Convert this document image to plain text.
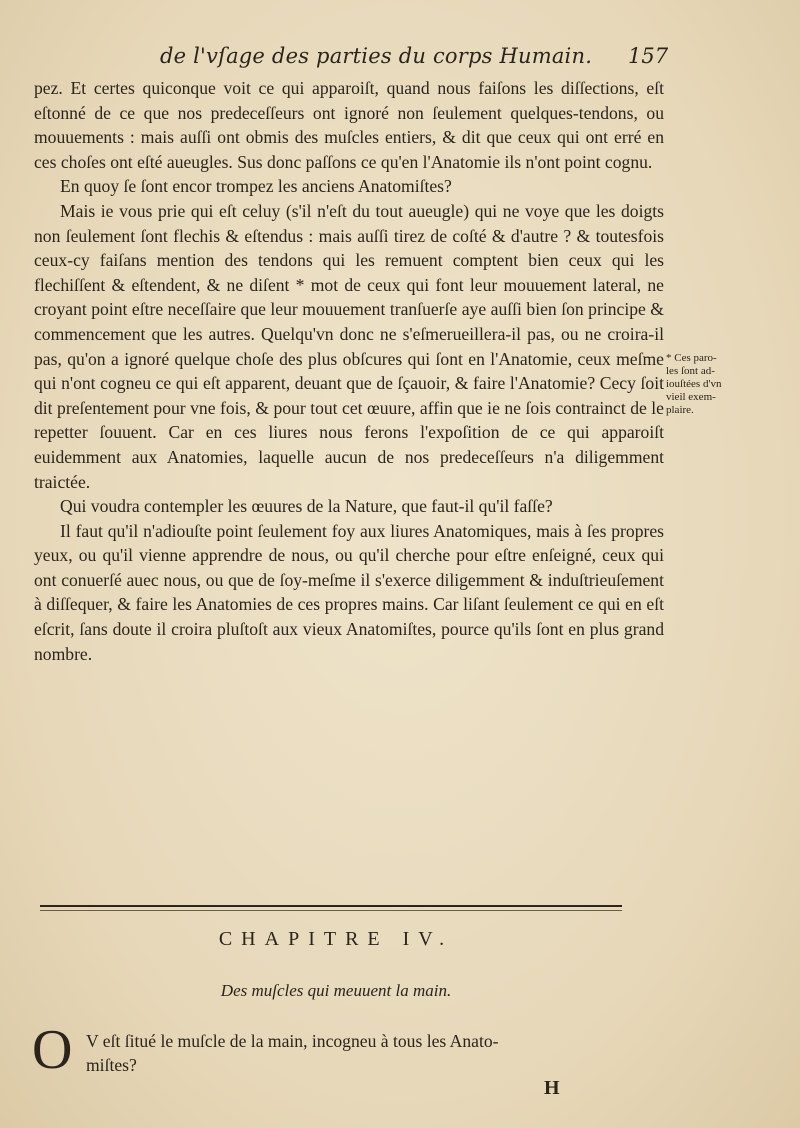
de l'vſage des parties du corps Humain.	157

pez. Et certes quiconque voit ce qui apparoiſt, quand nous faiſons les diſſections, eſt eſtonné de ce que nos predeceſſeurs ont ignoré non ſeulement quelques-tendons, ou mouuements : mais auſſi ont obmis des muſcles entiers, & dit que ceux qui ont erré en ces choſes ont eſté aueugles. Sus donc paſſons ce qu'en l'Anatomie ils n'ont point cognu.

En quoy ſe ſont encor trompez les anciens Anatomiſtes?

Mais ie vous prie qui eſt celuy (s'il n'eſt du tout aueugle) qui ne voye que les doigts non ſeulement ſont flechis & eſtendus : mais auſſi tirez de coſté & d'autre ? & toutesfois ceux-cy faiſans mention des tendons qui les remuent comptent bien ceux qui les flechiſſent & eſtendent, & ne diſent * mot de ceux qui font leur mouuement lateral, ne croyant point eſtre neceſſaire que leur mouuement tranſuerſe aye auſſi bien ſon principe & commencement que les autres. Quelqu'vn donc ne s'eſmerueillera-il pas, ou ne croira-il pas, qu'on a ignoré quelque choſe des plus obſcures qui ſont en l'Anatomie, ceux meſme qui n'ont cogneu ce qui eſt apparent, deuant que de ſçauoir, & faire l'Anatomie? Cecy ſoit dit preſentement pour vne fois, & pour tout cet œuure, affin que ie ne ſois contrainct de le repetter ſouuent. Car en ces liures nous ferons l'expoſition de ce qui apparoiſt euidemment aux Anatomies, laquelle aucun de nos predeceſſeurs n'a diligemment traictée.

Qui voudra contempler les œuures de la Nature, que faut-il qu'il faſſe?

Il faut qu'il n'adiouſte point ſeulement foy aux liures Anatomiques, mais à ſes propres yeux, ou qu'il vienne apprendre de nous, ou qu'il cherche pour eſtre enſeigné, ceux qui ont conuerſé auec nous, ou que de ſoy-meſme il s'exerce diligemment & induſtrieuſement à diſſequer, & faire les Anatomies de ces propres mains. Car liſant ſeulement ce qui en eſt eſcrit, ſans doute il croira pluſtoſt aux vieux Anatomiſtes, pource qu'ils ſont en plus grand nombre.

* Ces paro-
les ſont ad-
iouſtées d'vn
vieil exem-
plaire.
CHAPITRE IV.
Des muſcles qui meuuent la main.
O V eſt ſitué le muſcle de la main, incogneu à tous les Anato-
miſtes?
H
